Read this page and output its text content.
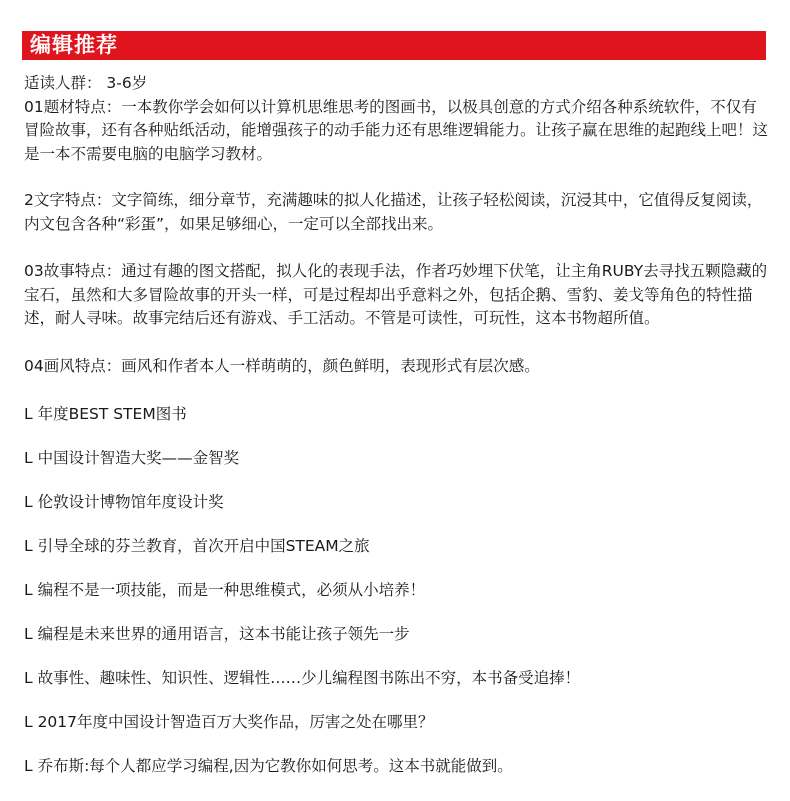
编辑推荐

适读人群： 3-6岁

01题材特点：一本教你学会如何以计算机思维思考的图画书，以极具创意的方式介绍各种系统软件，不仅有冒险故事，还有各种贴纸活动，能增强孩子的动手能力还有思维逻辑能力。让孩子赢在思维的起跑线上吧！这是一本不需要电脑的电脑学习教材。

2文字特点：文字简练，细分章节，充满趣味的拟人化描述，让孩子轻松阅读，沉浸其中，它值得反复阅读，内文包含各种“彩蛋”，如果足够细心，一定可以全部找出来。

03故事特点：通过有趣的图文搭配，拟人化的表现手法，作者巧妙埋下伏笔，让主角RUBY去寻找五颗隐藏的宝石，虽然和大多冒险故事的开头一样，可是过程却出乎意料之外，包括企鹅、雪豹、姜戈等角色的特性描述，耐人寻味。故事完结后还有游戏、手工活动。不管是可读性，可玩性，这本书物超所值。

04画风特点：画风和作者本人一样萌萌的，颜色鲜明，表现形式有层次感。

L 年度BEST STEM图书

L 中国设计智造大奖——金智奖

L 伦敦设计博物馆年度设计奖

L 引导全球的芬兰教育，首次开启中国STEAM之旅

L 编程不是一项技能，而是一种思维模式，必须从小培养！

L 编程是未来世界的通用语言，这本书能让孩子领先一步

L 故事性、趣味性、知识性、逻辑性……少儿编程图书陈出不穷，本书备受追捧！

L 2017年度中国设计智造百万大奖作品，厉害之处在哪里？

L 乔布斯:每个人都应学习编程,因为它教你如何思考。这本书就能做到。
